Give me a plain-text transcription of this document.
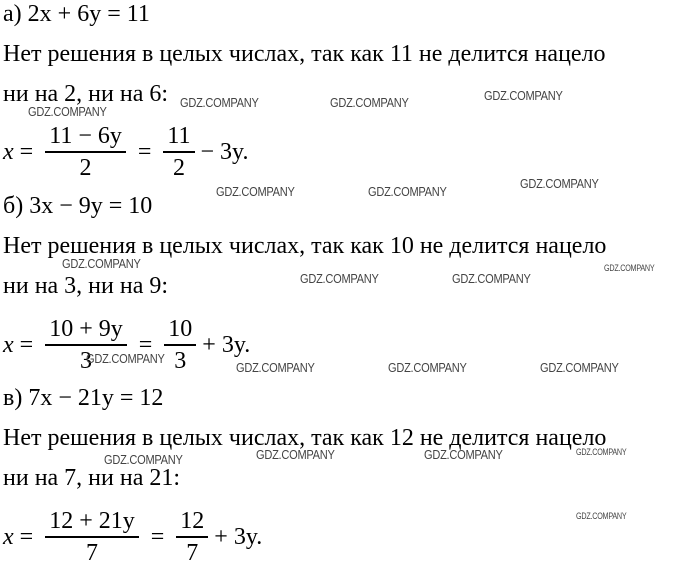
а) 2x + 6y = 11
Нет решения в целых числах, так как 11 не делится нацело
ни на 2, ни на 6:
$x = \frac{11 - 6y}{2} = \frac{11}{2} - 3y$.
б) 3x − 9y = 10
Нет решения в целых числах, так как 10 не делится нацело
ни на 3, ни на 9:
$x = \frac{10 + 9y}{3} = \frac{10}{3} + 3y$.
в) 7x − 21y = 12
Нет решения в целых числах, так как 12 не делится нацело
ни на 7, ни на 21:
$x = \frac{12 + 21y}{7} = \frac{12}{7} + 3y$.
GDZ.COMPANY
GDZ.COMPANY	GDZ.COMPANY	GDZ.COMPANY
GDZ.COMPANY	GDZ.COMPANY
GDZ.COMPANY
GDZ.COMPANY
GDZ.COMPANY	GDZ.COMPANY
GDZ.COMPANY
GDZ.COMPANY
GDZ.COMPANY	GDZ.COMPANY	GDZ.COMPANY
GDZ.COMPANY	GDZ.COMPANY	GDZ.COMPANY	GDZ.COMPANY
GDZ.COMPANY
